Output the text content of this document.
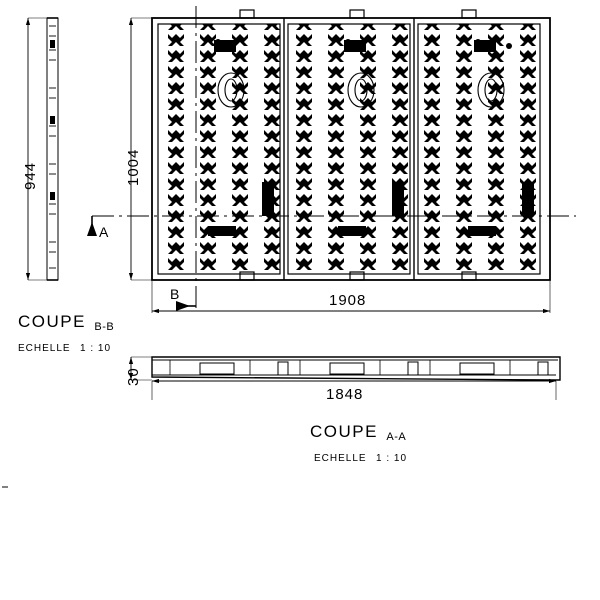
944	1004
1908
30
1848
A
B
COUPE B-B
ECHELLE 1 : 10
COUPE A-A
ECHELLE 1 : 10
